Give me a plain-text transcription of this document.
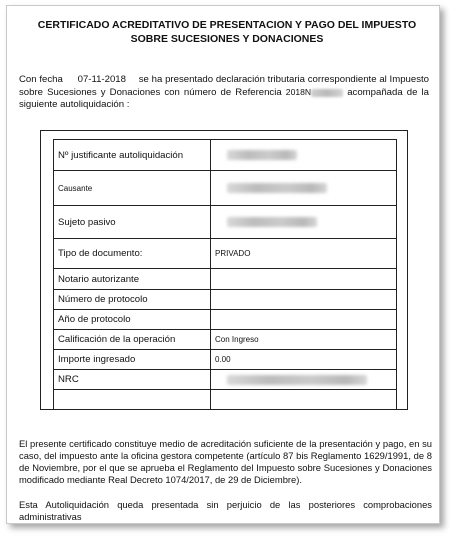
CERTIFICADO ACREDITATIVO DE PRESENTACION Y PAGO DEL IMPUESTO SOBRE SUCESIONES Y DONACIONES
Con fecha 07-11-2018 se ha presentado declaración tributaria correspondiente al Impuesto sobre Sucesiones y Donaciones con número de Referencia 2018N	acompañada de la siguiente autoliquidación :
Nº justificante autoliquidación	
Causante	
Sujeto pasivo	
Tipo de documento:	PRIVADO
Notario autorizante	
Número de protocolo	
Año de protocolo	
Calificación de la operación	Con Ingreso
Importe ingresado	0.00
NRC	

El presente certificado constituye medio de acreditación suficiente de la presentación y pago, en su caso, del impuesto ante la oficina gestora competente (artículo 87 bis Reglamento 1629/1991, de 8 de Noviembre, por el que se aprueba el Reglamento del Impuesto sobre Sucesiones y Donaciones modificado mediante Real Decreto 1074/2017, de 29 de Diciembre).
Esta Autoliquidación queda presentada sin perjuicio de las posteriores comprobaciones administrativas
